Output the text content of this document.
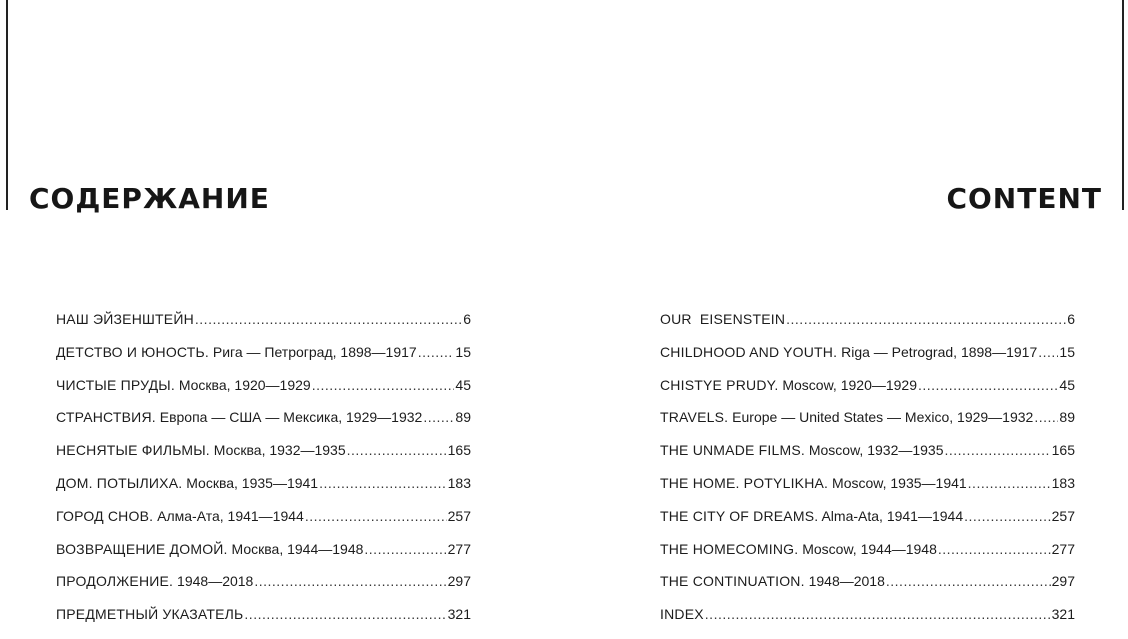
СОДЕРЖАНИЕ
НАШ ЭЙЗЕНШТЕЙН .....	6
ДЕТСТВО И ЮНОСТЬ. Рига — Петроград, 1898—1917 .....	15
ЧИСТЫЕ ПРУДЫ. Москва, 1920—1929 .....	45
СТРАНСТВИЯ. Европа — США — Мексика, 1929—1932 ..... 89
НЕСНЯТЫЕ ФИЛЬМЫ. Москва, 1932—1935 .....	165
ДОМ. ПОТЫЛИХА. Москва, 1935—1941 .....	183
ГОРОД СНОВ. Алма-Ата, 1941—1944 .....	257
ВОЗВРАЩЕНИЕ ДОМОЙ. Москва, 1944—1948 .....	277
ПРОДОЛЖЕНИЕ. 1948—2018 .....	297
ПРЕДМЕТНЫЙ УКАЗАТЕЛЬ .....	321
CONTENT
OUR  EISENSTEIN .....	6
CHILDHOOD AND YOUTH. Riga — Petrograd, 1898—1917 ..... 15
CHISTYE PRUDY. Moscow, 1920—1929 .....	45
TRAVELS. Europe — United States — Mexico, 1929—1932 ..... 89
THE UNMADE FILMS. Moscow, 1932—1935 .....	165
THE HOME. POTYLIKHA. Moscow, 1935—1941 .....	183
THE CITY OF DREAMS. Alma-Ata, 1941—1944 .....	257
THE HOMECOMING. Moscow, 1944—1948 .....	277
THE CONTINUATION. 1948—2018 .....	297
INDEX .....	321
